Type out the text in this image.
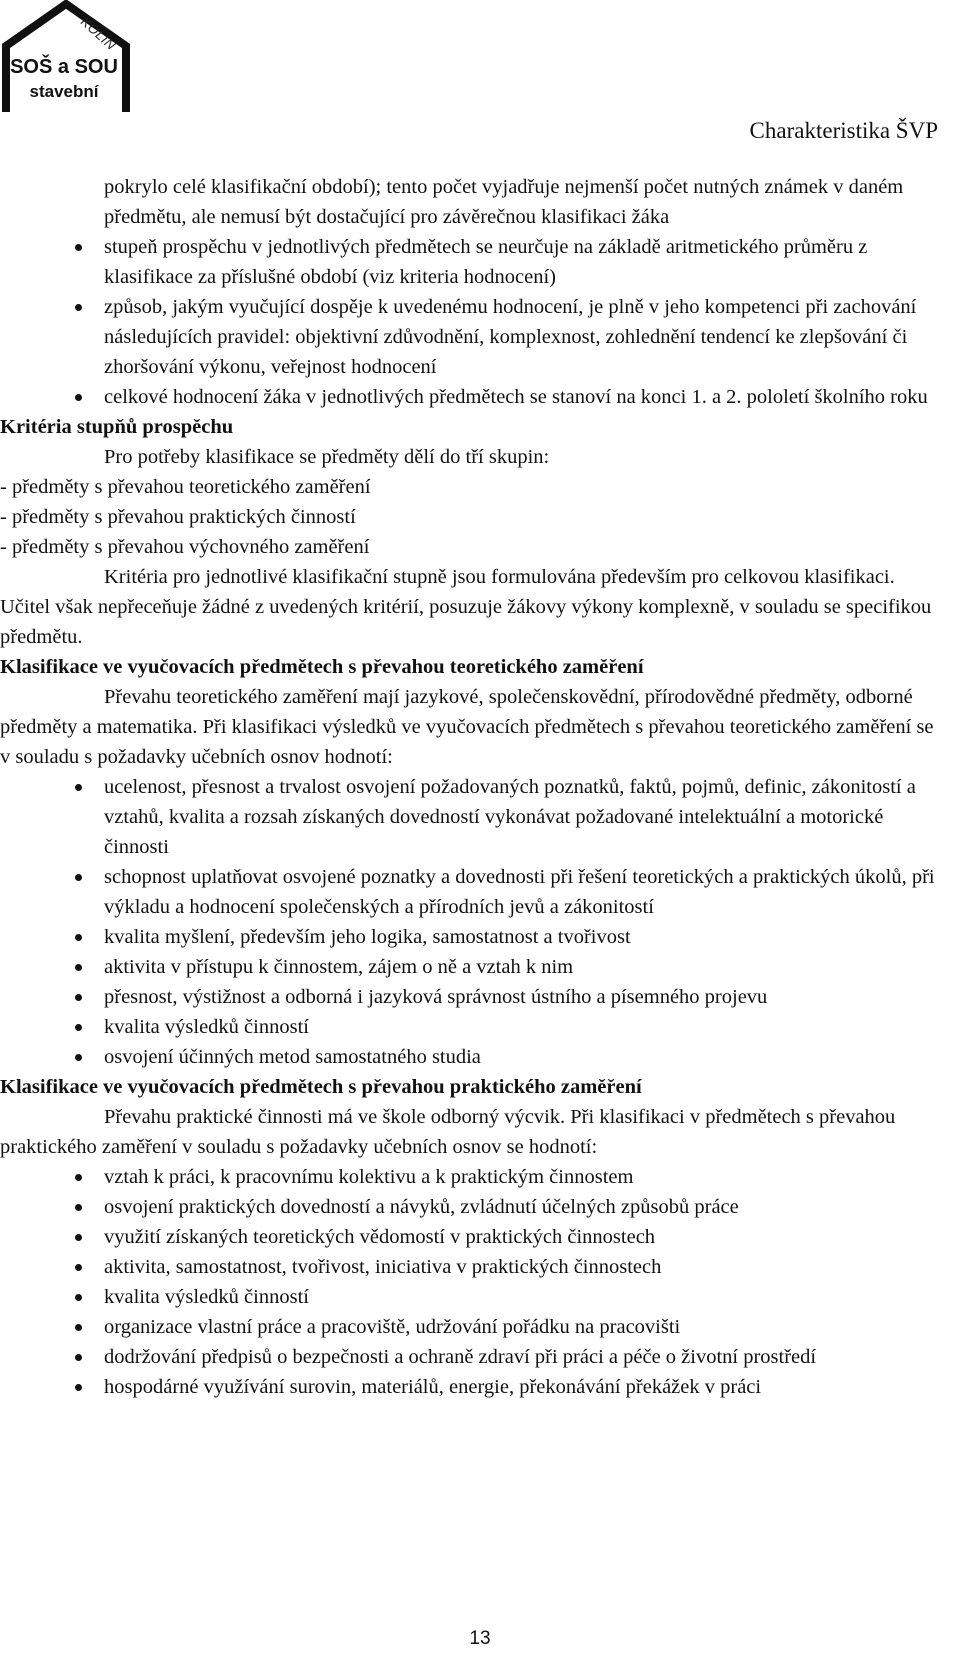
KOLÍN
SOŠ a SOU
stavební
Charakteristika ŠVP

pokrylo celé klasifikační období); tento počet vyjadřuje nejmenší počet nutných známek v daném předmětu, ale nemusí být dostačující pro závěrečnou klasifikaci žáka

stupeň prospěchu v jednotlivých předmětech se neurčuje na základě aritmetického průměru z klasifikace za příslušné období (viz kriteria hodnocení)
způsob, jakým vyučující dospěje k uvedenému hodnocení, je plně v jeho kompetenci při zachování následujících pravidel: objektivní zdůvodnění, komplexnost, zohlednění tendencí ke zlepšování či zhoršování výkonu, veřejnost hodnocení
celkové hodnocení žáka v jednotlivých předmětech se stanoví na konci 1. a 2. pololetí školního roku

Kritéria stupňů prospěchu

Pro potřeby klasifikace se předměty dělí do tří skupin:

- předměty s převahou teoretického zaměření

- předměty s převahou praktických činností

- předměty s převahou výchovného zaměření

Kritéria pro jednotlivé klasifikační stupně jsou formulována především pro celkovou klasifikaci. Učitel však nepřeceňuje žádné z uvedených kritérií, posuzuje žákovy výkony komplexně, v souladu se specifikou předmětu.

Klasifikace ve vyučovacích předmětech s převahou teoretického zaměření

Převahu teoretického zaměření mají jazykové, společenskovědní, přírodovědné předměty, odborné předměty a matematika. Při klasifikaci výsledků ve vyučovacích předmětech s převahou teoretického zaměření se v souladu s požadavky učebních osnov hodnotí:

ucelenost, přesnost a trvalost osvojení požadovaných poznatků, faktů, pojmů, definic, zákonitostí a vztahů, kvalita a rozsah získaných dovedností vykonávat požadované intelektuální a motorické činnosti
schopnost uplatňovat osvojené poznatky a dovednosti při řešení teoretických a praktických úkolů, při výkladu a hodnocení společenských a přírodních jevů a zákonitostí
kvalita myšlení, především jeho logika, samostatnost a tvořivost
aktivita v přístupu k činnostem, zájem o ně a vztah k nim
přesnost, výstižnost a odborná i jazyková správnost ústního a písemného projevu
kvalita výsledků činností
osvojení účinných metod samostatného studia

Klasifikace ve vyučovacích předmětech s převahou praktického zaměření

Převahu praktické činnosti má ve škole odborný výcvik. Při klasifikaci v předmětech s převahou praktického zaměření v souladu s požadavky učebních osnov se hodnotí:

vztah k práci, k pracovnímu kolektivu a k praktickým činnostem
osvojení praktických dovedností a návyků, zvládnutí účelných způsobů práce
využití získaných teoretických vědomostí v praktických činnostech
aktivita, samostatnost, tvořivost, iniciativa v praktických činnostech
kvalita výsledků činností
organizace vlastní práce a pracoviště, udržování pořádku na pracovišti
dodržování předpisů o bezpečnosti a ochraně zdraví při práci a péče o životní prostředí
hospodárné využívání surovin, materiálů, energie, překonávání překážek v práci
13
